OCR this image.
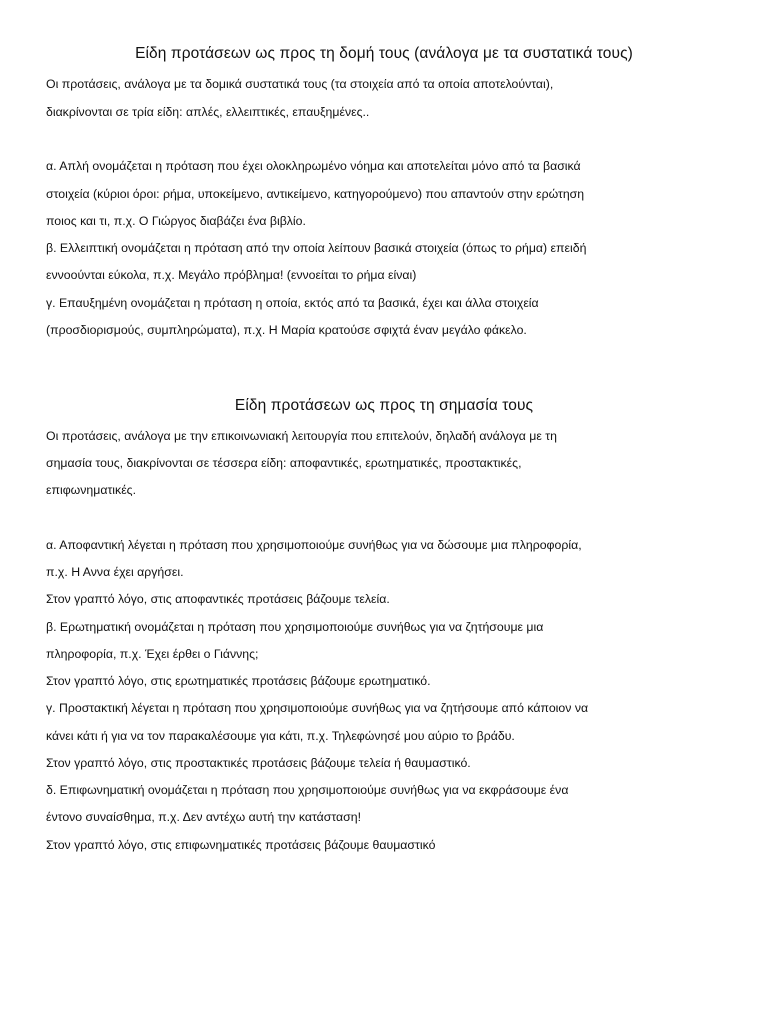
Είδη προτάσεων ως προς τη δομή τους (ανάλογα με τα συστατικά τους)

Οι προτάσεις, ανάλογα με τα δομικά συστατικά τους (τα στοιχεία από τα οποία αποτελούνται),

διακρίνονται σε τρία είδη: απλές, ελλειπτικές, επαυξημένες..

α. Απλή ονομάζεται η πρόταση που έχει ολοκληρωμένο νόημα και αποτελείται μόνο από τα βασικά

στοιχεία (κύριοι όροι: ρήμα, υποκείμενο, αντικείμενο, κατηγορούμενο) που απαντούν στην ερώτηση

ποιος και τι, π.χ. Ο Γιώργος διαβάζει ένα βιβλίο.

β. Ελλειπτική ονομάζεται η πρόταση από την οποία λείπουν βασικά στοιχεία (όπως το ρήμα) επειδή

εννοούνται εύκολα, π.χ. Μεγάλο πρόβλημα! (εννοείται το ρήμα είναι)

γ. Επαυξημένη ονομάζεται η πρόταση η οποία, εκτός από τα βασικά, έχει και άλλα στοιχεία

(προσδιορισμούς, συμπληρώματα), π.χ. Η Μαρία κρατούσε σφιχτά έναν μεγάλο φάκελο.

Είδη προτάσεων ως προς τη σημασία τους

Οι προτάσεις, ανάλογα με την επικοινωνιακή λειτουργία που επιτελούν, δηλαδή ανάλογα με τη

σημασία τους, διακρίνονται σε τέσσερα είδη: αποφαντικές, ερωτηματικές, προστακτικές,

επιφωνηματικές.

α. Αποφαντική λέγεται η πρόταση που χρησιμοποιούμε συνήθως για να δώσουμε μια πληροφορία,

π.χ. Η Αννα έχει αργήσει.

Στον γραπτό λόγο, στις αποφαντικές προτάσεις βάζουμε τελεία.

β. Ερωτηματική ονομάζεται η πρόταση που χρησιμοποιούμε συνήθως για να ζητήσουμε μια

πληροφορία, π.χ. Έχει έρθει ο Γιάννης;

Στον γραπτό λόγο, στις ερωτηματικές προτάσεις βάζουμε ερωτηματικό.

γ. Προστακτική λέγεται η πρόταση που χρησιμοποιούμε συνήθως για να ζητήσουμε από κάποιον να

κάνει κάτι ή για να τον παρακαλέσουμε για κάτι, π.χ. Τηλεφώνησέ μου αύριο το βράδυ.

Στον γραπτό λόγο, στις προστακτικές προτάσεις βάζουμε τελεία ή θαυμαστικό.

δ. Επιφωνηματική ονομάζεται η πρόταση που χρησιμοποιούμε συνήθως για να εκφράσουμε ένα

έντονο συναίσθημα, π.χ. Δεν αντέχω αυτή την κατάσταση!

Στον γραπτό λόγο, στις επιφωνηματικές προτάσεις βάζουμε θαυμαστικό
